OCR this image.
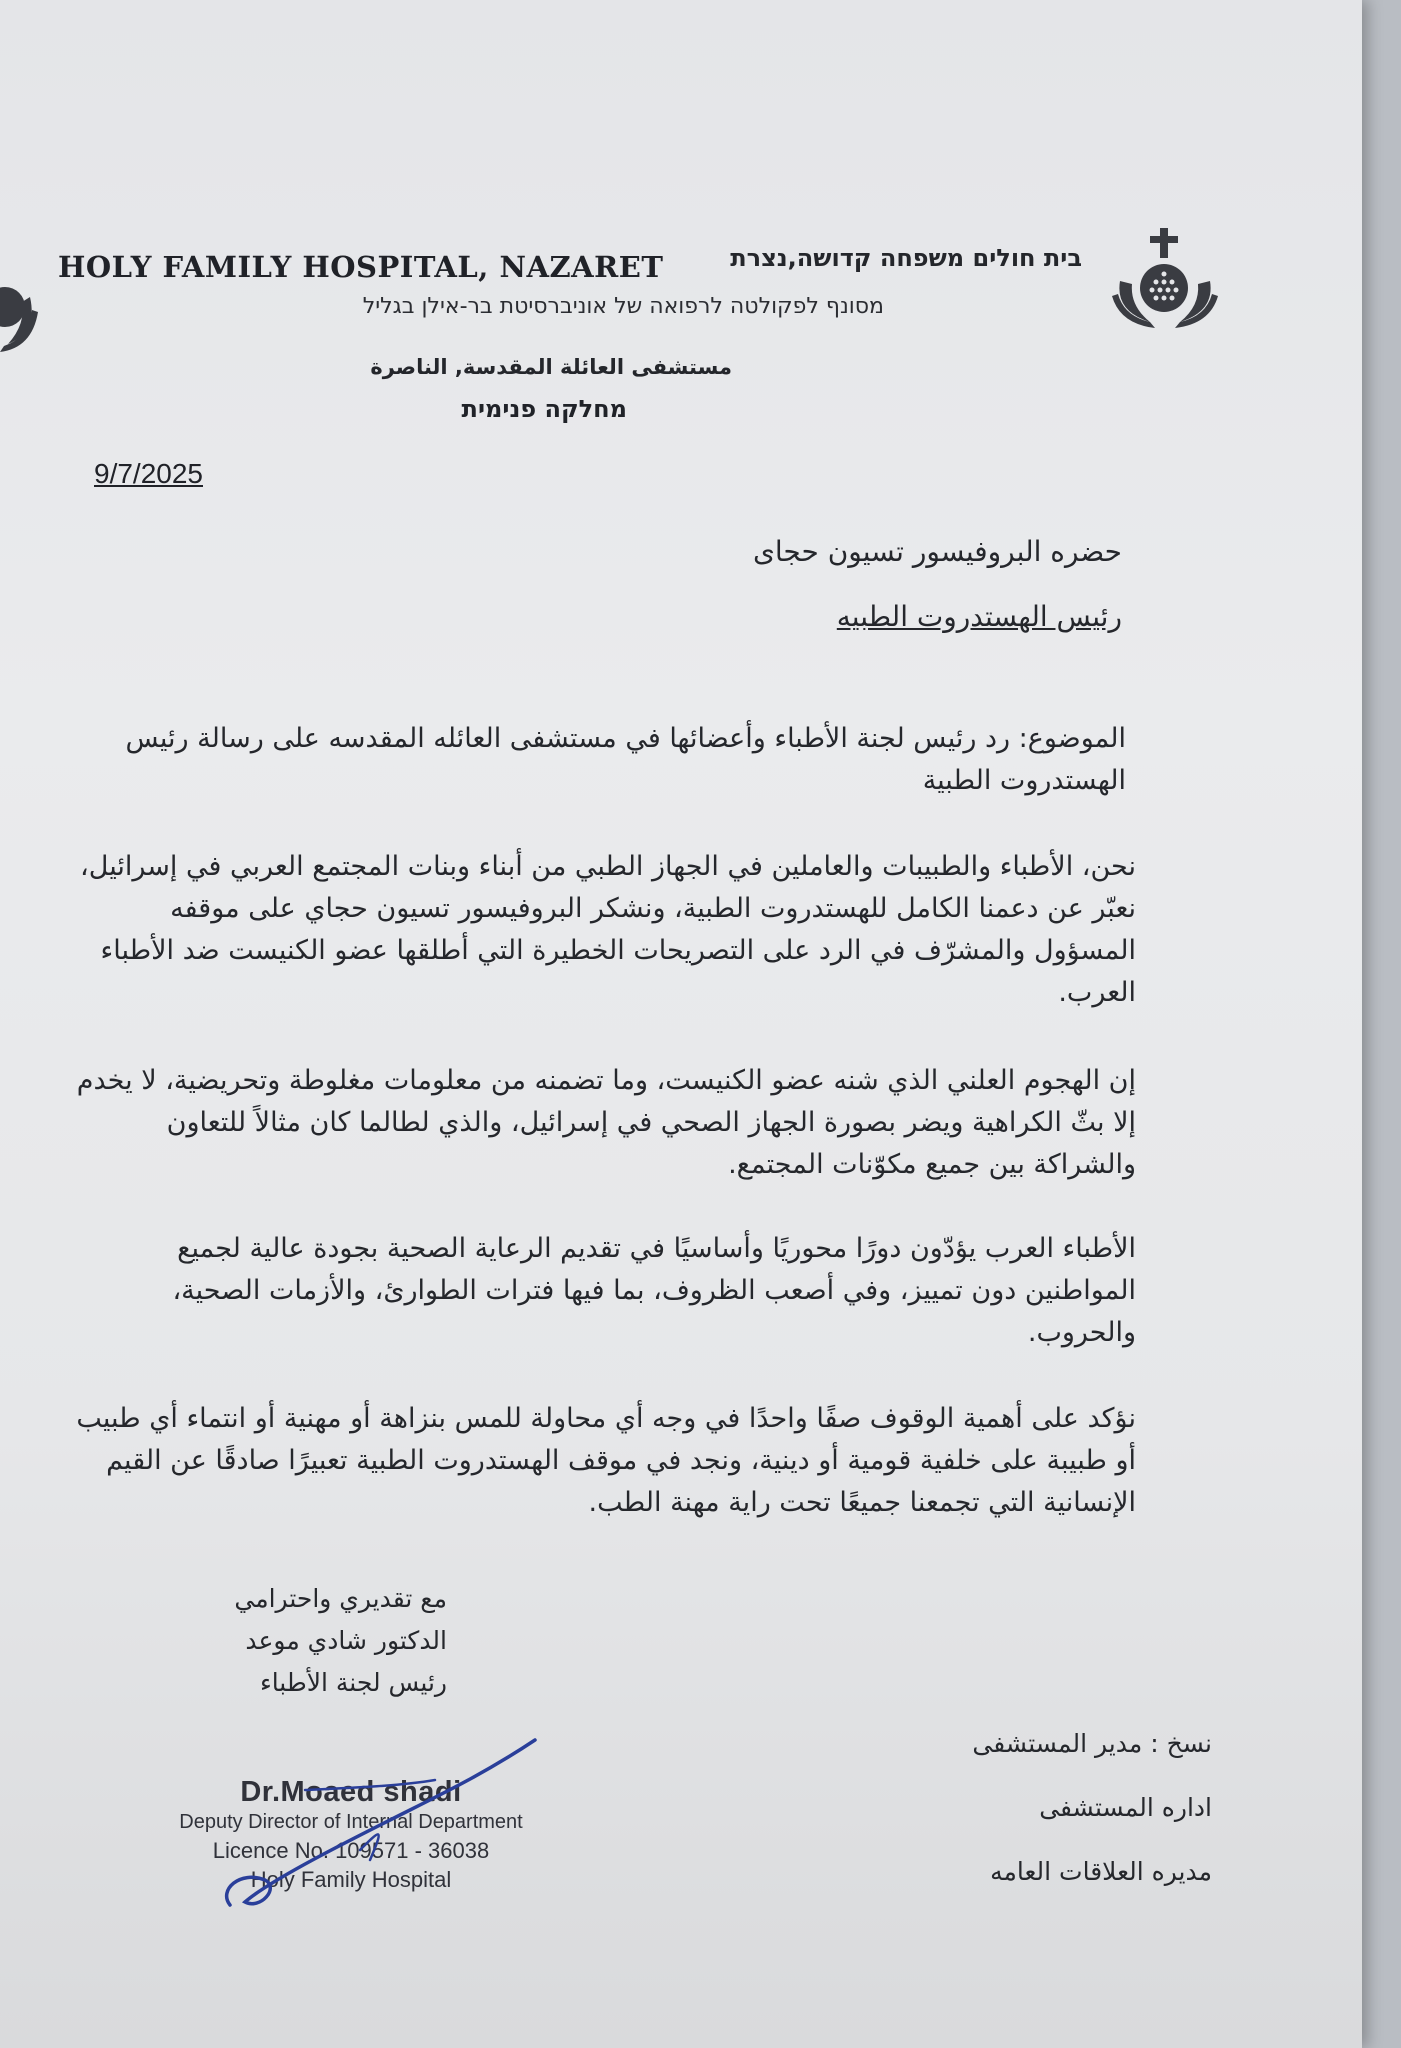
HOLY FAMILY HOSPITAL, NAZARET	בית חולים משפחה קדושה,נצרת
מסונף לפקולטה לרפואה של אוניברסיטת בר-אילן בגליל
مستشفى العائلة المقدسة, الناصرة
מחלקה פנימית
9/7/2025
حضره البروفيسور تسيون حجاى
رئيس الهستدروت الطبيه
الموضوع: رد رئيس لجنة الأطباء وأعضائها في مستشفى العائله المقدسه على رسالة رئيس الهستدروت الطبية
نحن، الأطباء والطبيبات والعاملين في الجهاز الطبي من أبناء وبنات المجتمع العربي في إسرائيل، نعبّر عن دعمنا الكامل للهستدروت الطبية، ونشكر البروفيسور تسيون حجاي على موقفه المسؤول والمشرّف في الرد على التصريحات الخطيرة التي أطلقها عضو الكنيست ضد الأطباء العرب.
إن الهجوم العلني الذي شنه عضو الكنيست، وما تضمنه من معلومات مغلوطة وتحريضية، لا يخدم إلا بثّ الكراهية ويضر بصورة الجهاز الصحي في إسرائيل، والذي لطالما كان مثالاً للتعاون والشراكة بين جميع مكوّنات المجتمع.
الأطباء العرب يؤدّون دورًا محوريًا وأساسيًا في تقديم الرعاية الصحية بجودة عالية لجميع المواطنين دون تمييز، وفي أصعب الظروف، بما فيها فترات الطوارئ، والأزمات الصحية، والحروب.
نؤكد على أهمية الوقوف صفًا واحدًا في وجه أي محاولة للمس بنزاهة أو مهنية أو انتماء أي طبيب أو طبيبة على خلفية قومية أو دينية، ونجد في موقف الهستدروت الطبية تعبيرًا صادقًا عن القيم الإنسانية التي تجمعنا جميعًا تحت راية مهنة الطب.
مع تقديري واحترامي
الدكتور شادي موعد
رئيس لجنة الأطباء
نسخ : مدير المستشفى
اداره المستشفى
مديره العلاقات العامه
Dr.Moaed shadi
Deputy Director of Internal Department
Licence No. 109571 - 36038
Holy Family Hospital
